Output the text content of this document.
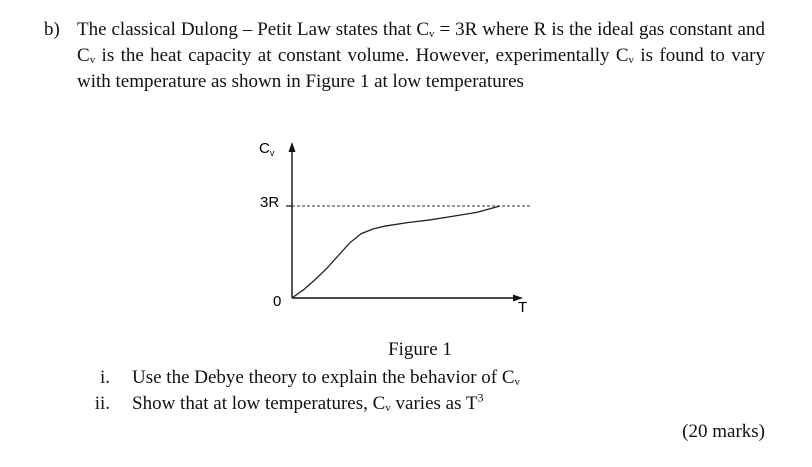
b) The classical Dulong – Petit Law states that $C_v = 3R$ where R is the ideal gas constant and $C_v$ is the heat capacity at constant volume. However, experimentally $C_v$ is found to vary with temperature as shown in Figure 1 at low temperatures

$C_v$
3R
0	T
Figure 1
i. Use the Debye theory to explain the behavior of $C_v$
ii. Show that at low temperatures, $C_v$ varies as $T^3$
(20 marks)
